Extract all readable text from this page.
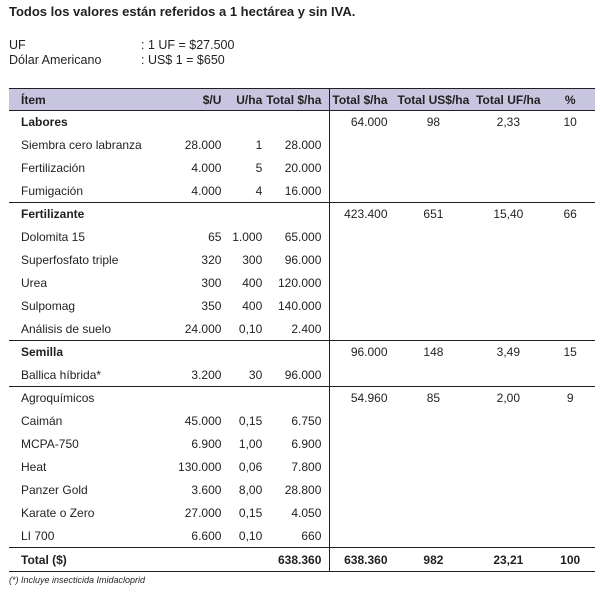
Todos los valores están referidos a 1 hectárea y sin IVA.
UF	: 1 UF = $27.500
Dólar Americano	: US$ 1 = $650
Ítem	$/U	U/ha	Total $/ha	Total $/ha	Total US$/ha	Total UF/ha	%
Labores				64.000	98	2,33	10
Siembra cero labranza	28.000	1	28.000				
Fertilización	4.000	5	20.000				
Fumigación	4.000	4	16.000				
Fertilizante				423.400	651	15,40	66
Dolomita 15	65	1.000	65.000				
Superfosfato triple	320	300	96.000				
Urea	300	400	120.000				
Sulpomag	350	400	140.000				
Análisis de suelo	24.000	0,10	2.400				
Semilla				96.000	148	3,49	15
Ballica híbrida*	3.200	30	96.000				
Agroquímicos				54.960	85	2,00	9
Caimán	45.000	0,15	6.750				
MCPA-750	6.900	1,00	6.900				
Heat	130.000	0,06	7.800				
Panzer Gold	3.600	8,00	28.800				
Karate o Zero	27.000	0,15	4.050				
LI 700	6.600	0,10	660				
Total ($)			638.360	638.360	982	23,21	100
(*) Incluye insecticida Imidacloprid
